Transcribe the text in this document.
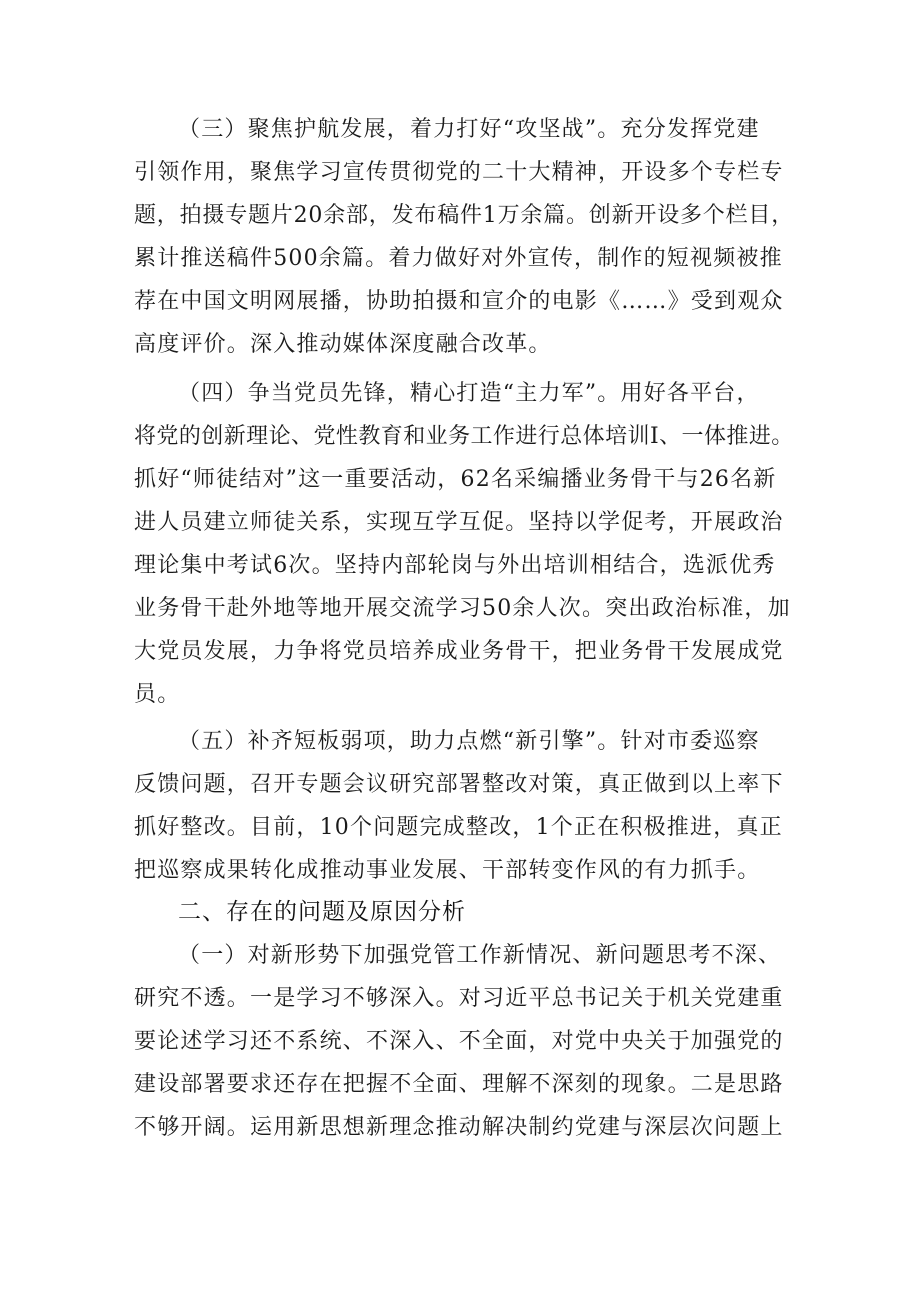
（三）聚焦护航发展，着力打好“攻坚战”。充分发挥党建
引领作用，聚焦学习宣传贯彻党的二十大精神，开设多个专栏专
题，拍摄专题片20余部，发布稿件1万余篇。创新开设多个栏目，
累计推送稿件500余篇。着力做好对外宣传，制作的短视频被推
荐在中国文明网展播，协助拍摄和宣介的电影《……》受到观众
高度评价。深入推动媒体深度融合改革。
（四）争当党员先锋，精心打造“主力军”。用好各平台，
将党的创新理论、党性教育和业务工作进行总体培训I、一体推进。
抓好“师徒结对”这一重要活动，62名采编播业务骨干与26名新
进人员建立师徒关系，实现互学互促。坚持以学促考，开展政治
理论集中考试6次。坚持内部轮岗与外出培训相结合，选派优秀
业务骨干赴外地等地开展交流学习50余人次。突出政治标准，加
大党员发展，力争将党员培养成业务骨干，把业务骨干发展成党
员。
（五）补齐短板弱项，助力点燃“新引擎”。针对市委巡察
反馈问题，召开专题会议研究部署整改对策，真正做到以上率下
抓好整改。目前，10个问题完成整改，1个正在积极推进，真正
把巡察成果转化成推动事业发展、干部转变作风的有力抓手。
二、存在的问题及原因分析
（一）对新形势下加强党管工作新情况、新问题思考不深、
研究不透。一是学习不够深入。对习近平总书记关于机关党建重
要论述学习还不系统、不深入、不全面，对党中央关于加强党的
建设部署要求还存在把握不全面、理解不深刻的现象。二是思路
不够开阔。运用新思想新理念推动解决制约党建与深层次问题上
